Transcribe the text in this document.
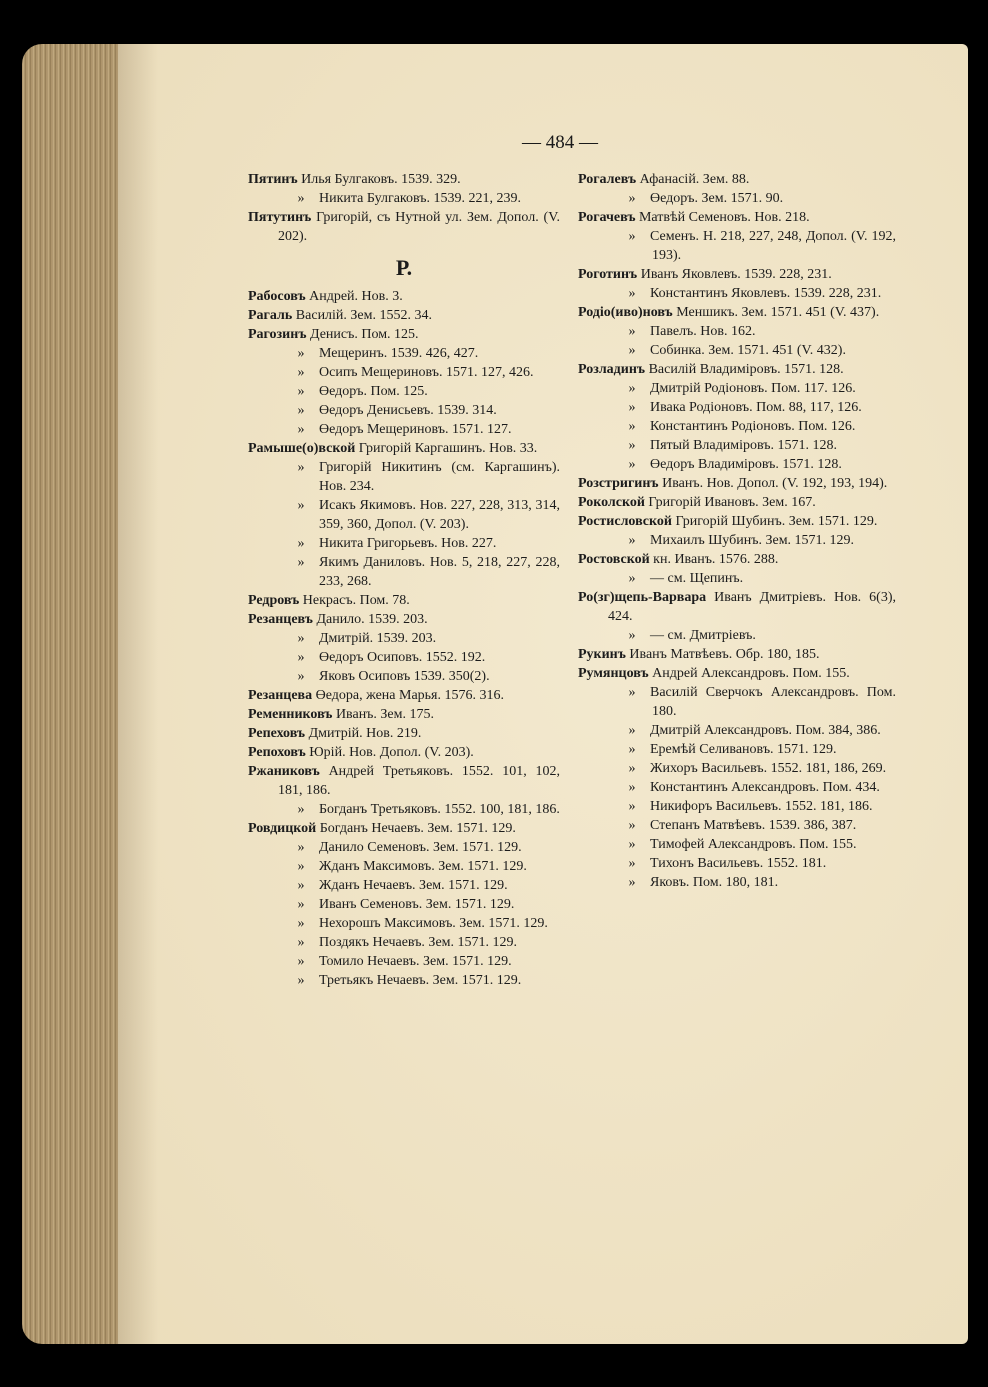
— 484 —
Пятинъ Илья Булгаковъ. 1539. 329.
» Никита Булгаковъ. 1539. 221, 239.
Пятутинъ Григорій, съ Нутной ул. Зем. Допол. (V. 202).
Р.
Рабосовъ Андрей. Нов. 3.
Рагаль Василій. Зем. 1552. 34.
Рагозинъ Денисъ. Пом. 125.
» Мещеринъ. 1539. 426, 427.
» Осипъ Мещериновъ. 1571. 127, 426.
» Өедоръ. Пом. 125.
» Өедоръ Денисьевъ. 1539. 314.
» Өедоръ Мещериновъ. 1571. 127.
Рамыше(о)вской Григорій Каргашинъ. Нов. 33.
» Григорій Никитинъ (см. Каргашинъ). Нов. 234.
» Исакъ Якимовъ. Нов. 227, 228, 313, 314, 359, 360, Допол. (V. 203).
» Никита Григорьевъ. Нов. 227.
» Якимъ Даниловъ. Нов. 5, 218, 227, 228, 233, 268.
Редровъ Некрасъ. Пом. 78.
Резанцевъ Данило. 1539. 203.
» Дмитрій. 1539. 203.
» Өедоръ Осиповъ. 1552. 192.
» Яковъ Осиповъ 1539. 350(2).
Резанцева Өедора, жена Марья. 1576. 316.
Ременниковъ Иванъ. Зем. 175.
Репеховъ Дмитрій. Нов. 219.
Репоховъ Юрій. Нов. Допол. (V. 203).
Ржаниковъ Андрей Третьяковъ. 1552. 101, 102, 181, 186.
» Богданъ Третьяковъ. 1552. 100, 181, 186.
Ровдицкой Богданъ Нечаевъ. Зем. 1571. 129.
» Данило Семеновъ. Зем. 1571. 129.
» Жданъ Максимовъ. Зем. 1571. 129.
» Жданъ Нечаевъ. Зем. 1571. 129.
» Иванъ Семеновъ. Зем. 1571. 129.
» Нехорошъ Максимовъ. Зем. 1571. 129.
» Поздякъ Нечаевъ. Зем. 1571. 129.
» Томило Нечаевъ. Зем. 1571. 129.
» Третьякъ Нечаевъ. Зем. 1571. 129.
Рогалевъ Афанасій. Зем. 88.
» Өедоръ. Зем. 1571. 90.
Рогачевъ Матвѣй Семеновъ. Нов. 218.
» Семенъ. Н. 218, 227, 248, Допол. (V. 192, 193).
Роготинъ Иванъ Яковлевъ. 1539. 228, 231.
» Константинъ Яковлевъ. 1539. 228, 231.
Родіо(иво)новъ Меншикъ. Зем. 1571. 451 (V. 437).
» Павелъ. Нов. 162.
» Собинка. Зем. 1571. 451 (V. 432).
Розладинъ Василій Владиміровъ. 1571. 128.
» Дмитрій Родіоновъ. Пом. 117. 126.
» Ивака Родіоновъ. Пом. 88, 117, 126.
» Константинъ Родіоновъ. Пом. 126.
» Пятый Владиміровъ. 1571. 128.
» Өедоръ Владиміровъ. 1571. 128.
Розстригинъ Иванъ. Нов. Допол. (V. 192, 193, 194).
Роколской Григорій Ивановъ. Зем. 167.
Ростисловской Григорій Шубинъ. Зем. 1571. 129.
» Михаилъ Шубинъ. Зем. 1571. 129.
Ростовской кн. Иванъ. 1576. 288.
» — см. Щепинъ.
Ро(зг)щепь-Варвара Иванъ Дмитріевъ. Нов. 6(3), 424.
» — см. Дмитріевъ.
Рукинъ Иванъ Матвѣевъ. Обр. 180, 185.
Румянцовъ Андрей Александровъ. Пом. 155.
» Василій Сверчокъ Александровъ. Пом. 180.
» Дмитрій Александровъ. Пом. 384, 386.
» Еремѣй Селивановъ. 1571. 129.
» Жихоръ Васильевъ. 1552. 181, 186, 269.
» Константинъ Александровъ. Пом. 434.
» Никифоръ Васильевъ. 1552. 181, 186.
» Степанъ Матвѣевъ. 1539. 386, 387.
» Тимофей Александровъ. Пом. 155.
» Тихонъ Васильевъ. 1552. 181.
» Яковъ. Пом. 180, 181.
